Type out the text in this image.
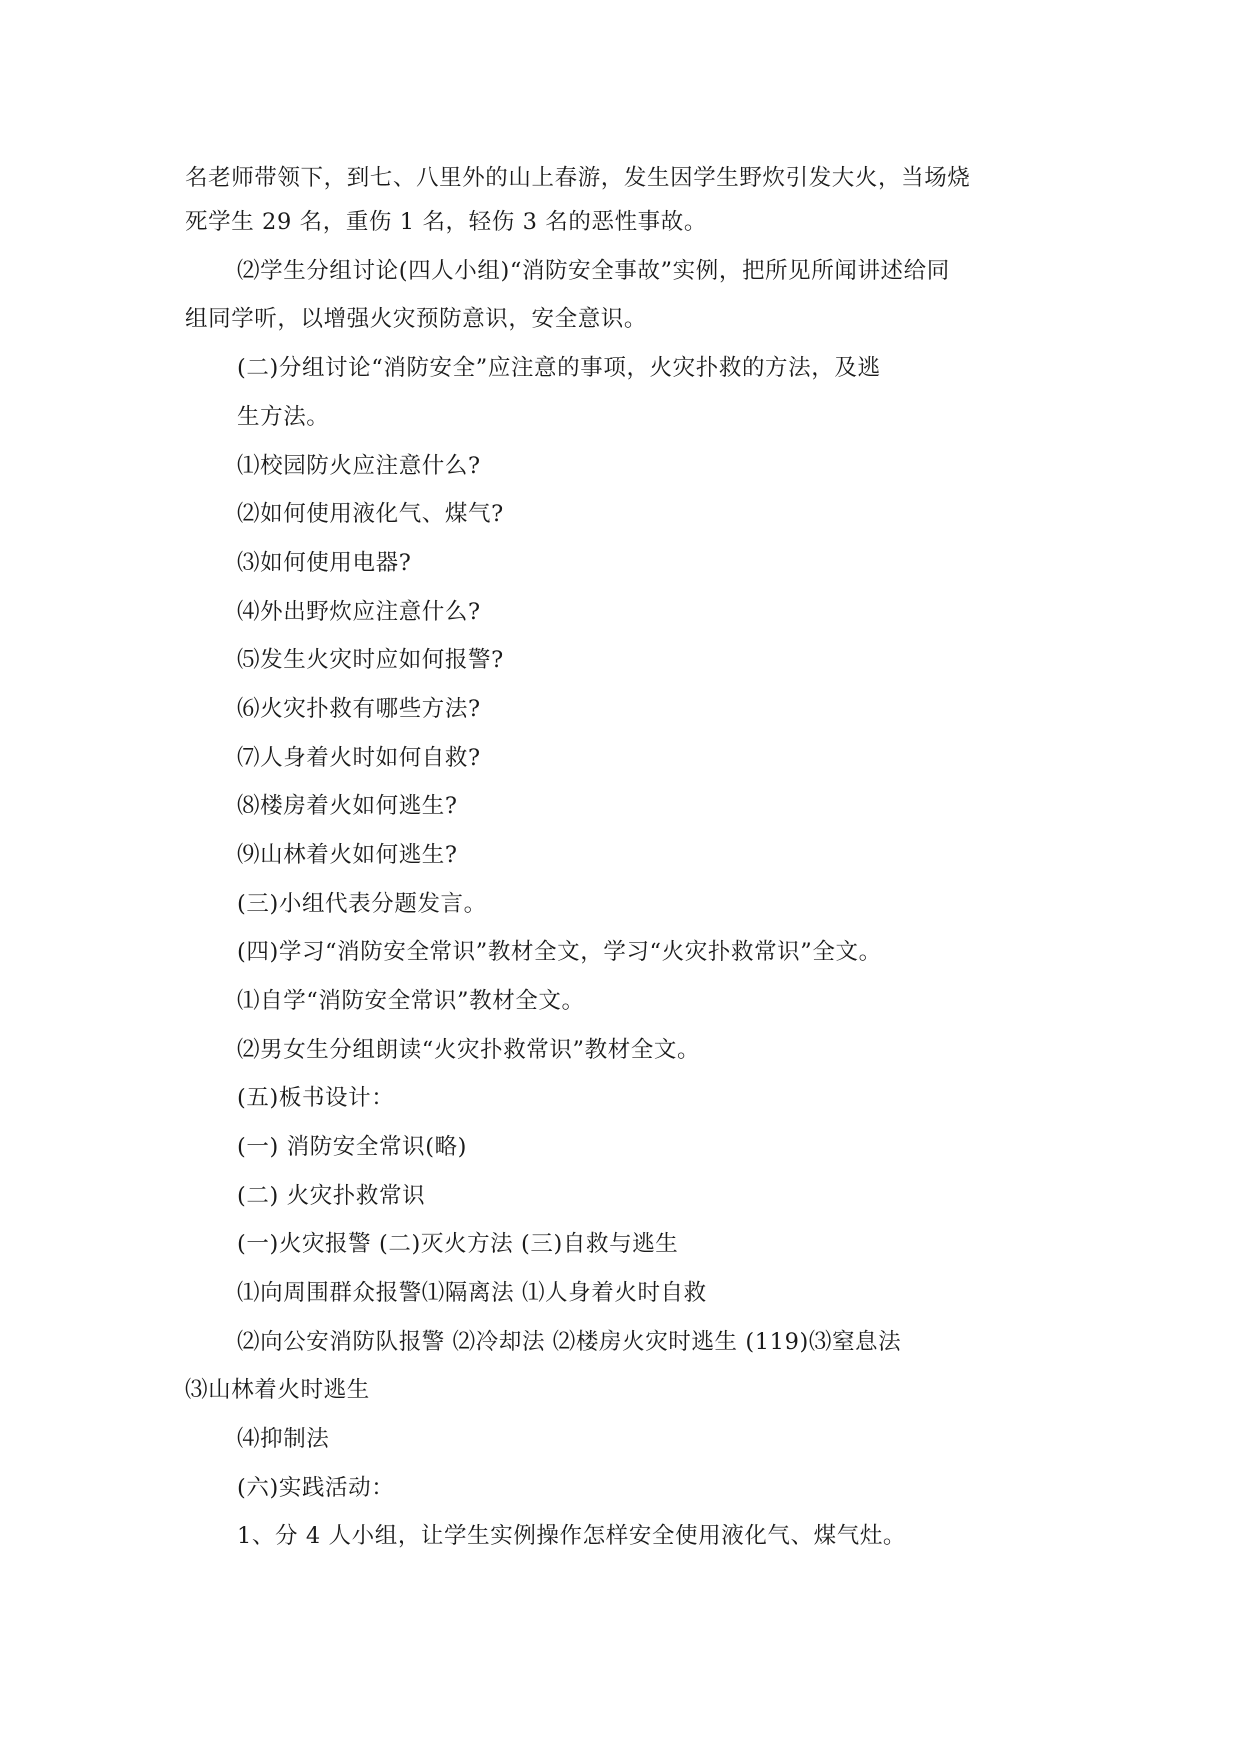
名老师带领下，到七、八里外的山上春游，发生因学生野炊引发大火，当场烧
死学生 29 名，重伤 1 名，轻伤 3 名的恶性事故。
⑵学生分组讨论(四人小组)“消防安全事故”实例，把所见所闻讲述给同
组同学听，以增强火灾预防意识，安全意识。
(二)分组讨论“消防安全”应注意的事项，火灾扑救的方法，及逃
生方法。
⑴校园防火应注意什么?
⑵如何使用液化气、煤气?
⑶如何使用电器?
⑷外出野炊应注意什么?
⑸发生火灾时应如何报警?
⑹火灾扑救有哪些方法?
⑺人身着火时如何自救?
⑻楼房着火如何逃生?
⑼山林着火如何逃生?
(三)小组代表分题发言。
(四)学习“消防安全常识”教材全文，学习“火灾扑救常识”全文。
⑴自学“消防安全常识”教材全文。
⑵男女生分组朗读“火灾扑救常识”教材全文。
(五)板书设计：
(一) 消防安全常识(略)
(二) 火灾扑救常识
(一)火灾报警 (二)灭火方法 (三)自救与逃生
⑴向周围群众报警⑴隔离法 ⑴人身着火时自救
⑵向公安消防队报警 ⑵冷却法 ⑵楼房火灾时逃生 (119)⑶窒息法
⑶山林着火时逃生
⑷抑制法
(六)实践活动：
1、分 4 人小组，让学生实例操作怎样安全使用液化气、煤气灶。
